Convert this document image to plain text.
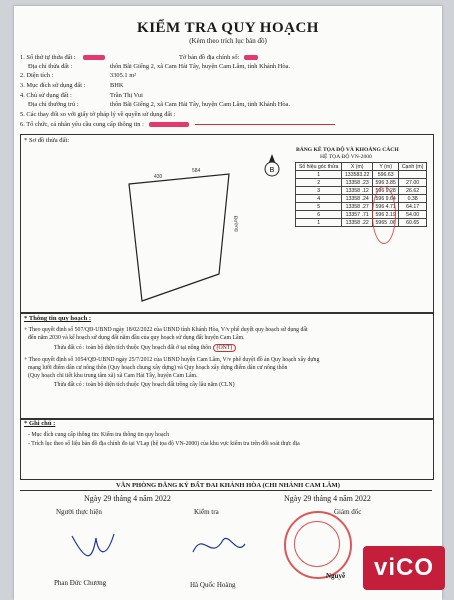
KIỂM TRA QUY HOẠCH
(Kèm theo trích lục bản đồ)
1. Số thứ tự thửa đất :	Tờ bản đồ địa chính số:
Địa chỉ thửa đất :	thôn Bãi Giếng 2, xã Cam Hải Tây, huyện Cam Lâm, tỉnh Khánh Hòa.
2. Diện tích :	3305.1 m²
3. Mục đích sử dụng đất :	BHK
4. Chủ sử dụng đất :	Trần Thị Vui
Địa chỉ thường trú :	thôn Bãi Giếng 2, xã Cam Hải Tây, huyện Cam Lâm, tỉnh Khánh Hòa.
5. Các thay đổi so với giấy tờ pháp lý về quyền sử dụng đất :
6. Tổ chức, cá nhân yêu cầu cung cấp thông tin :
* Sơ đồ thửa đất:
430
584
Đường
B
BẢNG KÊ TỌA ĐỘ VÀ KHOẢNG CÁCH
HỆ TỌA ĐỘ VN-2000
Số hiệu góc thửa	X (m)	Y (m)	Cạnh (m)
1	133583.22	596.63	
2	13358 .23	596 3.85	27.00
3	13358 .12	596 9.28	26.62
4	13358 .24	596 9.64	0.38
5	13358 .27	596 4.71	64.17
6	13357 .71	596 2.19	54.00
1	13358 .22	5965 .06	60.65
* Thông tin quy hoạch :
+ Theo quyết định số 507/QĐ-UBND ngày 18/02/2022 của UBND tỉnh Khánh Hòa, V/v phê duyệt quy hoạch sử dụng đất
đến năm 2030 và kế hoạch sử dụng đất năm đầu của quy hoạch sử dụng đất huyện Cam Lâm.
Thửa đất có : toàn bộ diện tích thuộc Quy hoạch đất ở tại nông thôn (ONT)
+ Theo quyết định số 1054/QĐ-UBND ngày 25/7/2012 của UBND huyện Cam Lâm, V/v phê duyệt đồ án Quy hoạch xây dựng
mạng lưới điểm dân cư nông thôn (Quy hoạch chung xây dựng) và Quy hoạch xây dựng điểm dân cư nông thôn
(Quy hoạch chi tiết khu trung tâm xã) xã Cam Hải Tây, huyện Cam Lâm.
Thửa đất có : toàn bộ diện tích thuộc Quy hoạch đất trồng cây lâu năm (CLN)
* Ghi chú :
- Mục đích cung cấp thông tin: Kiểm tra thông tin quy hoạch
- Trích lục theo số liệu bản đồ địa chính đo tại VLap (hệ tọa độ VN-2000) của khu vực kiểm tra trên đối soát thực địa
VĂN PHÒNG ĐĂNG KÝ ĐẤT ĐAI KHÁNH HÒA (CHI NHÁNH CAM LÂM)
Ngày 29 tháng 4 năm 2022	Ngày 29 tháng 4 năm 2022
Người thực hiện	Kiểm tra	Giám đốc
Phan Đức Chương	Hà Quốc Hoàng
Nguyễ	viCO
